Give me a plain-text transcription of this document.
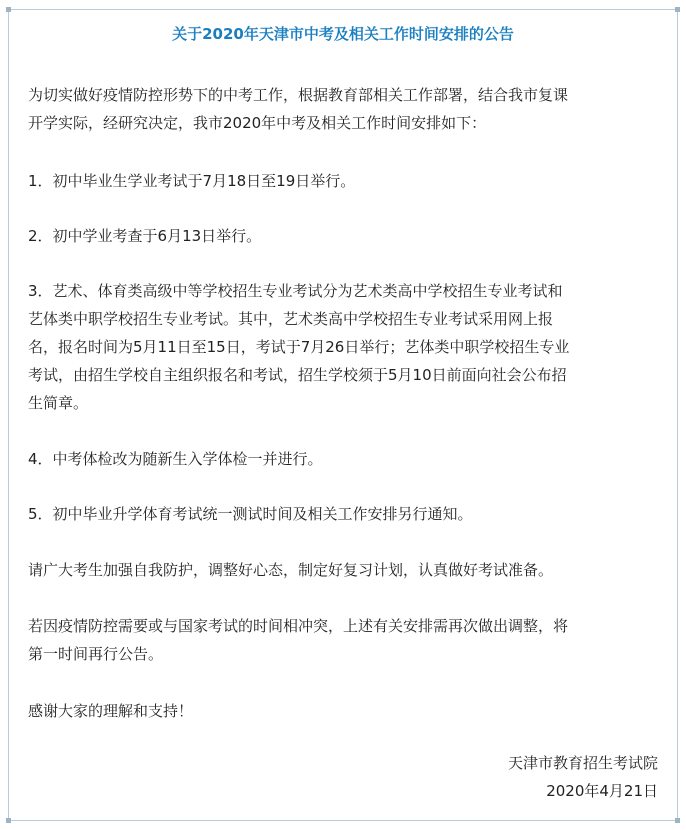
关于2020年天津市中考及相关工作时间安排的公告
为切实做好疫情防控形势下的中考工作，根据教育部相关工作部署，结合我市复课
开学实际，经研究决定，我市2020年中考及相关工作时间安排如下：
1．初中毕业生学业考试于7月18日至19日举行。
2．初中学业考查于6月13日举行。
3．艺术、体育类高级中等学校招生专业考试分为艺术类高中学校招生专业考试和
艺体类中职学校招生专业考试。其中，艺术类高中学校招生专业考试采用网上报
名，报名时间为5月11日至15日，考试于7月26日举行；艺体类中职学校招生专业
考试，由招生学校自主组织报名和考试，招生学校须于5月10日前面向社会公布招
生简章。
4．中考体检改为随新生入学体检一并进行。
5．初中毕业升学体育考试统一测试时间及相关工作安排另行通知。
请广大考生加强自我防护，调整好心态，制定好复习计划，认真做好考试准备。
若因疫情防控需要或与国家考试的时间相冲突，上述有关安排需再次做出调整，将
第一时间再行公告。
感谢大家的理解和支持！
天津市教育招生考试院
2020年4月21日
